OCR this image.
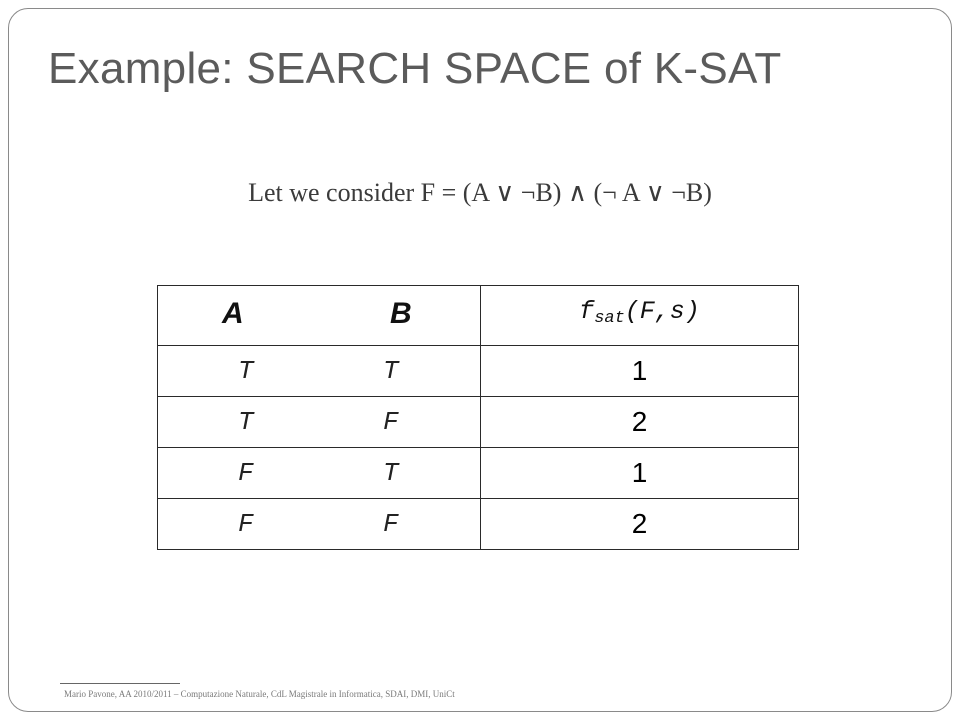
Example: SEARCH SPACE of K-SAT
Let we consider F = (A ∨ ¬B) ∧ (¬ A ∨ ¬B)
A B	$f_{sat}(F,s)$

T T	1

T F	2

F T	1

F F	2
Mario Pavone, AA 2010/2011 – Computazione Naturale, CdL Magistrale in Informatica, SDAI, DMI, UniCt
